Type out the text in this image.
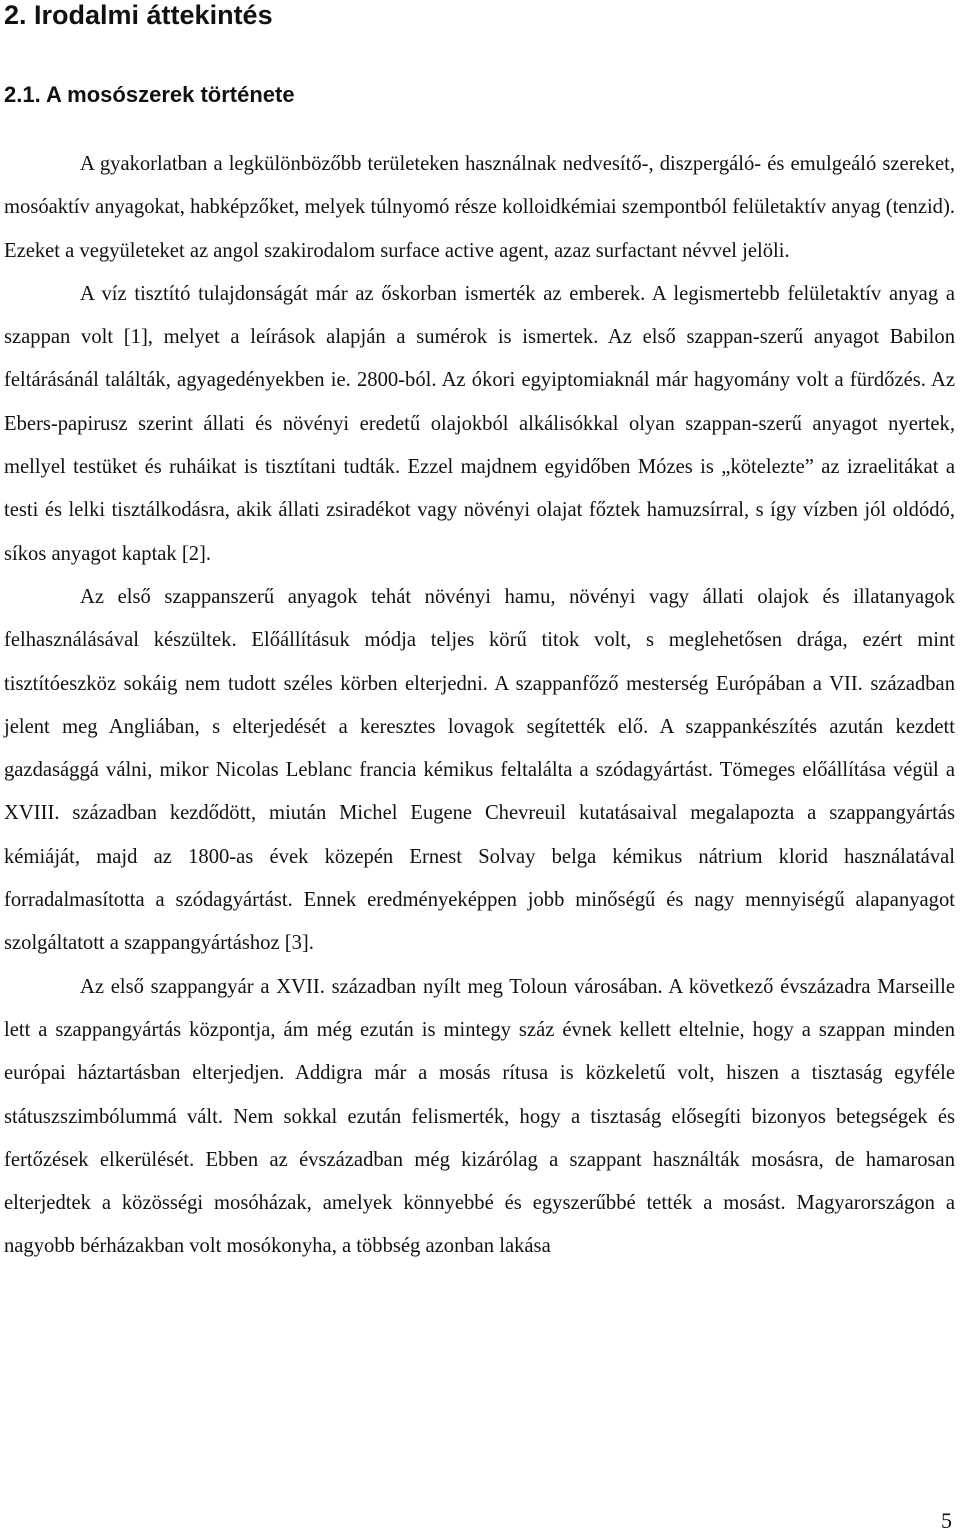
2. Irodalmi áttekintés
2.1. A mosószerek története

A gyakorlatban a legkülönbözőbb területeken használnak nedvesítő-, diszpergáló- és emulgeáló szereket, mosóaktív anyagokat, habképzőket, melyek túlnyomó része kolloidkémiai szempontból felületaktív anyag (tenzid). Ezeket a vegyületeket az angol szakirodalom surface active agent, azaz surfactant névvel jelöli.

A víz tisztító tulajdonságát már az őskorban ismerték az emberek. A legismertebb felületaktív anyag a szappan volt [1], melyet a leírások alapján a sumérok is ismertek. Az első szappan-szerű anyagot Babilon feltárásánál találták, agyagedényekben ie. 2800-ból. Az ókori egyiptomiaknál már hagyomány volt a fürdőzés. Az Ebers-papirusz szerint állati és növényi eredetű olajokból alkálisókkal olyan szappan-szerű anyagot nyertek, mellyel testüket és ruháikat is tisztítani tudták. Ezzel majdnem egyidőben Mózes is „kötelezte” az izraelitákat a testi és lelki tisztálkodásra, akik állati zsiradékot vagy növényi olajat főztek hamuzsírral, s így vízben jól oldódó, síkos anyagot kaptak [2].

Az első szappanszerű anyagok tehát növényi hamu, növényi vagy állati olajok és illatanyagok felhasználásával készültek. Előállításuk módja teljes körű titok volt, s meglehetősen drága, ezért mint tisztítóeszköz sokáig nem tudott széles körben elterjedni. A szappanfőző mesterség Európában a VII. században jelent meg Angliában, s elterjedését a keresztes lovagok segítették elő. A szappankészítés azután kezdett gazdasággá válni, mikor Nicolas Leblanc francia kémikus feltalálta a szódagyártást. Tömeges előállítása végül a XVIII. században kezdődött, miután Michel Eugene Chevreuil kutatásaival megalapozta a szappangyártás kémiáját, majd az 1800-as évek közepén Ernest Solvay belga kémikus nátrium klorid használatával forradalmasította a szódagyártást. Ennek eredményeképpen jobb minőségű és nagy mennyiségű alapanyagot szolgáltatott a szappangyártáshoz [3].

Az első szappangyár a XVII. században nyílt meg Toloun városában. A következő évszázadra Marseille lett a szappangyártás központja, ám még ezután is mintegy száz évnek kellett eltelnie, hogy a szappan minden európai háztartásban elterjedjen. Addigra már a mosás rítusa is közkeletű volt, hiszen a tisztaság egyféle státuszszimbólummá vált. Nem sokkal ezután felismerték, hogy a tisztaság elősegíti bizonyos betegségek és fertőzések elkerülését. Ebben az évszázadban még kizárólag a szappant használták mosásra, de hamarosan elterjedtek a közösségi mosóházak, amelyek könnyebbé és egyszerűbbé tették a mosást. Magyarországon a nagyobb bérházakban volt mosókonyha, a többség azonban lakása

5
